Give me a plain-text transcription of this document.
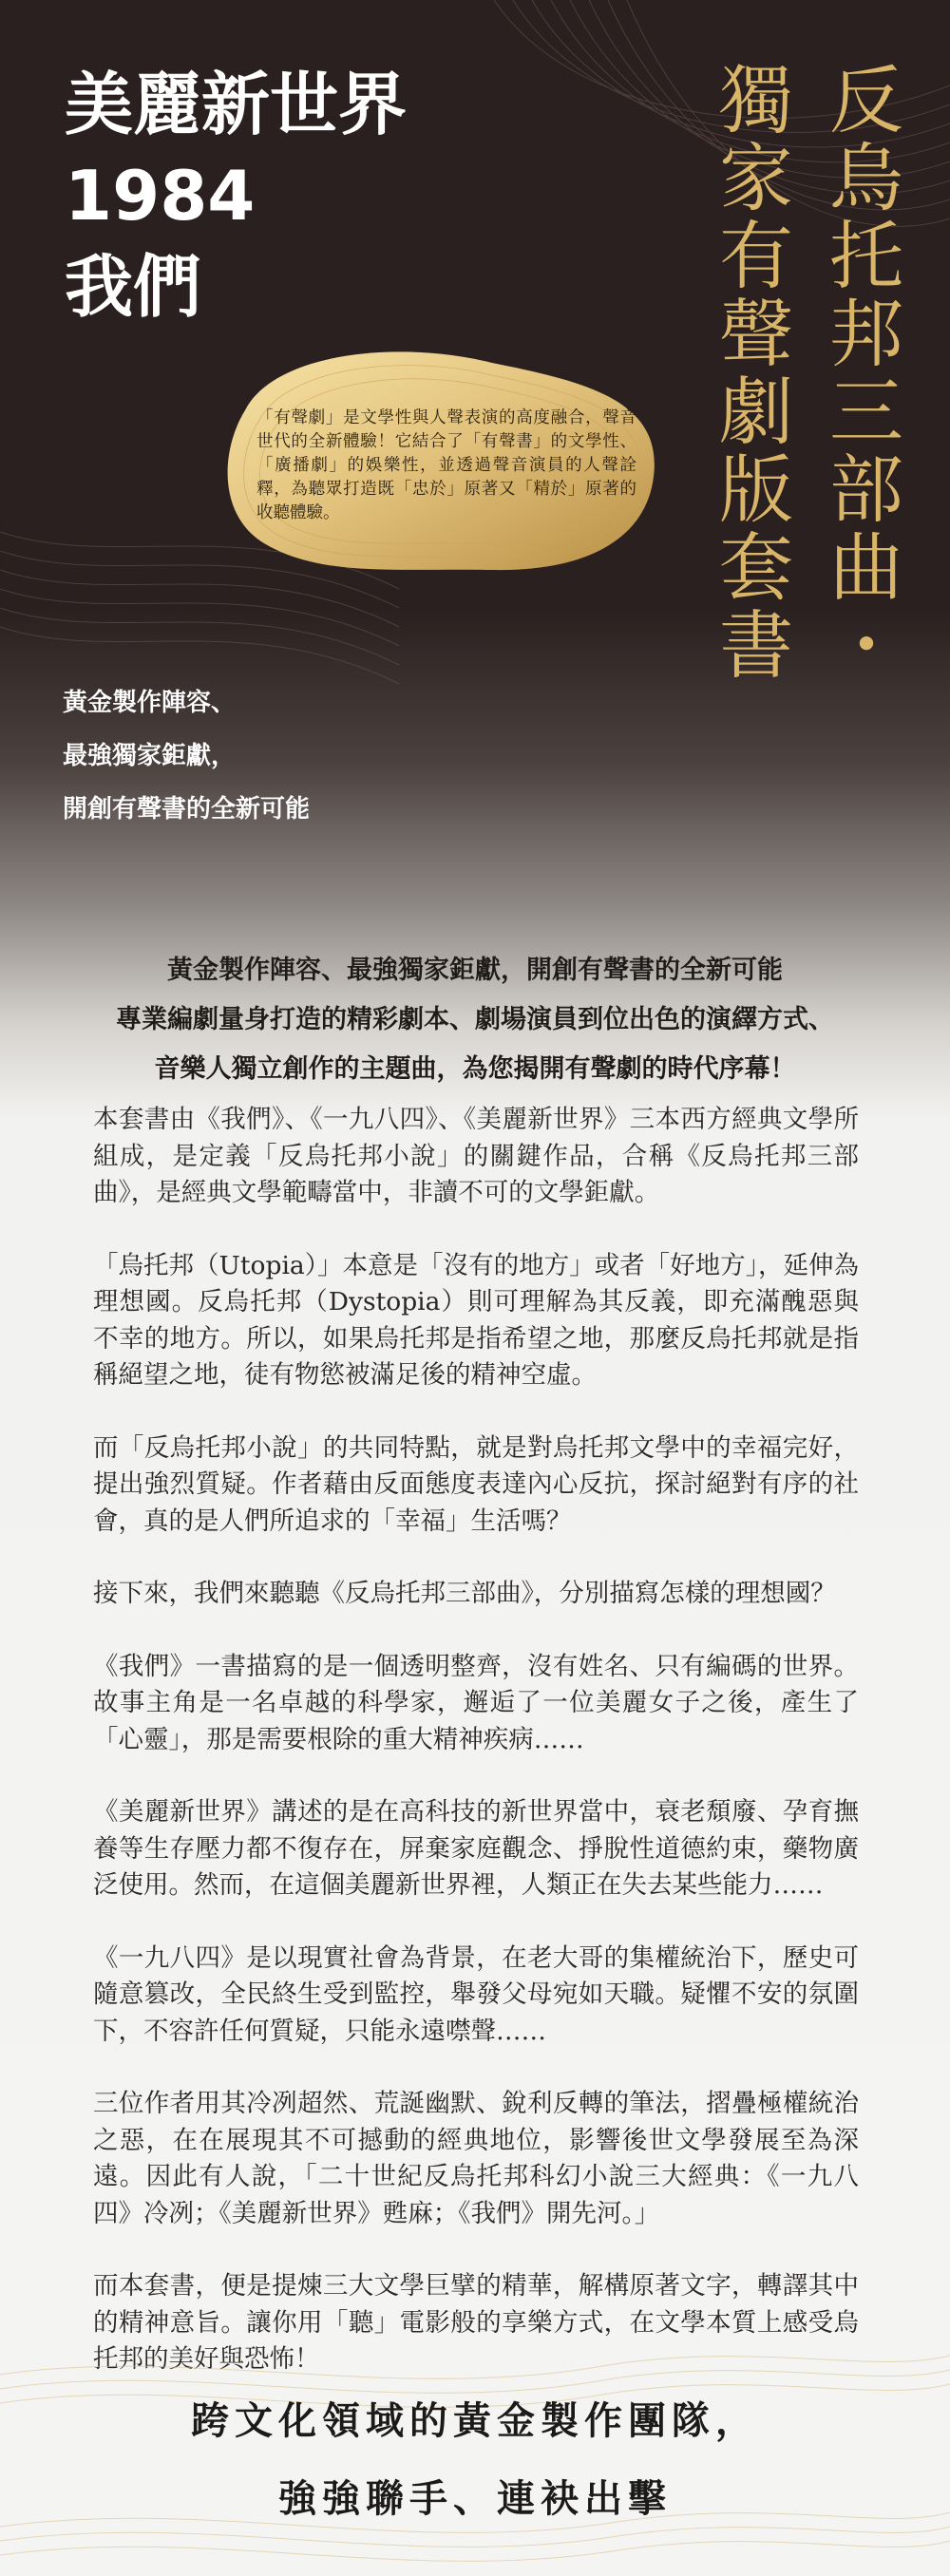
美麗新世界
1984
我們	反烏托邦三部曲・
獨家有聲劇版套書
「有聲劇」是文學性與人聲表演的高度融合，聲音世代的全新體驗！它結合了「有聲書」的文學性、「廣播劇」的娛樂性，並透過聲音演員的人聲詮釋，為聽眾打造既「忠於」原著又「精於」原著的收聽體驗。
黃金製作陣容、
最強獨家鉅獻，
開創有聲書的全新可能
黃金製作陣容、最強獨家鉅獻，開創有聲書的全新可能
專業編劇量身打造的精彩劇本、劇場演員到位出色的演繹方式、
音樂人獨立創作的主題曲，為您揭開有聲劇的時代序幕！

本套書由《我們》、《一九八四》、《美麗新世界》三本西方經典文學所組成，是定義「反烏托邦小說」的關鍵作品，合稱《反烏托邦三部曲》，是經典文學範疇當中，非讀不可的文學鉅獻。

「烏托邦（Utopia）」本意是「沒有的地方」或者「好地方」，延伸為理想國。反烏托邦（Dystopia）則可理解為其反義，即充滿醜惡與不幸的地方。所以，如果烏托邦是指希望之地，那麼反烏托邦就是指稱絕望之地，徒有物慾被滿足後的精神空虛。

而「反烏托邦小說」的共同特點，就是對烏托邦文學中的幸福完好，提出強烈質疑。作者藉由反面態度表達內心反抗，探討絕對有序的社會，真的是人們所追求的「幸福」生活嗎？

接下來，我們來聽聽《反烏托邦三部曲》，分別描寫怎樣的理想國？

《我們》一書描寫的是一個透明整齊，沒有姓名、只有編碼的世界。故事主角是一名卓越的科學家，邂逅了一位美麗女子之後，產生了「心靈」，那是需要根除的重大精神疾病……

《美麗新世界》講述的是在高科技的新世界當中，衰老頹廢、孕育撫養等生存壓力都不復存在，屏棄家庭觀念、掙脫性道德約束，藥物廣泛使用。然而，在這個美麗新世界裡，人類正在失去某些能力……

《一九八四》是以現實社會為背景，在老大哥的集權統治下，歷史可隨意篡改，全民終生受到監控，舉發父母宛如天職。疑懼不安的氛圍下，不容許任何質疑，只能永遠噤聲……

三位作者用其冷冽超然、荒誕幽默、銳利反轉的筆法，摺疊極權統治之惡，在在展現其不可撼動的經典地位，影響後世文學發展至為深遠。因此有人說，「二十世紀反烏托邦科幻小說三大經典：《一九八四》冷冽；《美麗新世界》甦麻；《我們》開先河。」

而本套書，便是提煉三大文學巨擘的精華，解構原著文字，轉譯其中的精神意旨。讓你用「聽」電影般的享樂方式，在文學本質上感受烏托邦的美好與恐怖！

跨文化領域的黃金製作團隊，
強強聯手、連袂出擊
